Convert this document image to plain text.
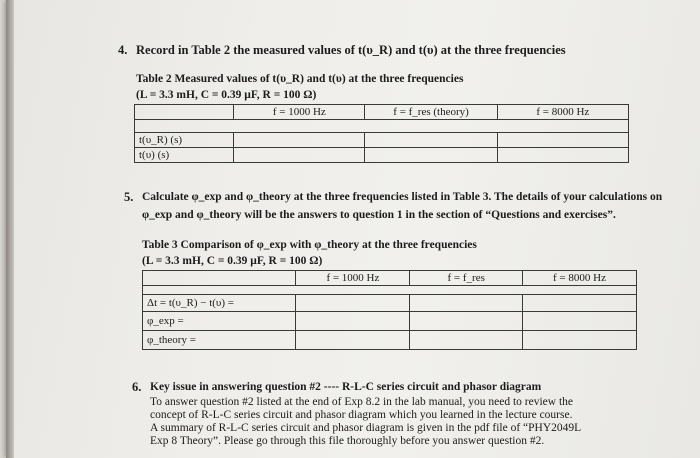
4. Record in Table 2 the measured values of t(υ_R) and t(υ) at the three frequencies
Table 2 Measured values of t(υ_R) and t(υ) at the three frequencies
(L = 3.3 mH, C = 0.39 μF, R = 100 Ω)
	f = 1000 Hz	f = f_res (theory)	f = 8000 Hz

t(υ_R) (s)			
t(υ) (s)			
5. Calculate φ_exp and φ_theory at the three frequencies listed in Table 3. The details of your calculations on
φ_exp and φ_theory will be the answers to question 1 in the section of “Questions and exercises”.
Table 3 Comparison of φ_exp with φ_theory at the three frequencies
(L = 3.3 mH, C = 0.39 μF, R = 100 Ω)
	f = 1000 Hz	f = f_res	f = 8000 Hz

Δt = t(υ_R) − t(υ) =			
φ_exp =			
φ_theory =			
6. Key issue in answering question #2 ---- R-L-C series circuit and phasor diagram
To answer question #2 listed at the end of Exp 8.2 in the lab manual, you need to review the
concept of R-L-C series circuit and phasor diagram which you learned in the lecture course.
A summary of R-L-C series circuit and phasor diagram is given in the pdf file of “PHY2049L
Exp 8 Theory”. Please go through this file thoroughly before you answer question #2.
